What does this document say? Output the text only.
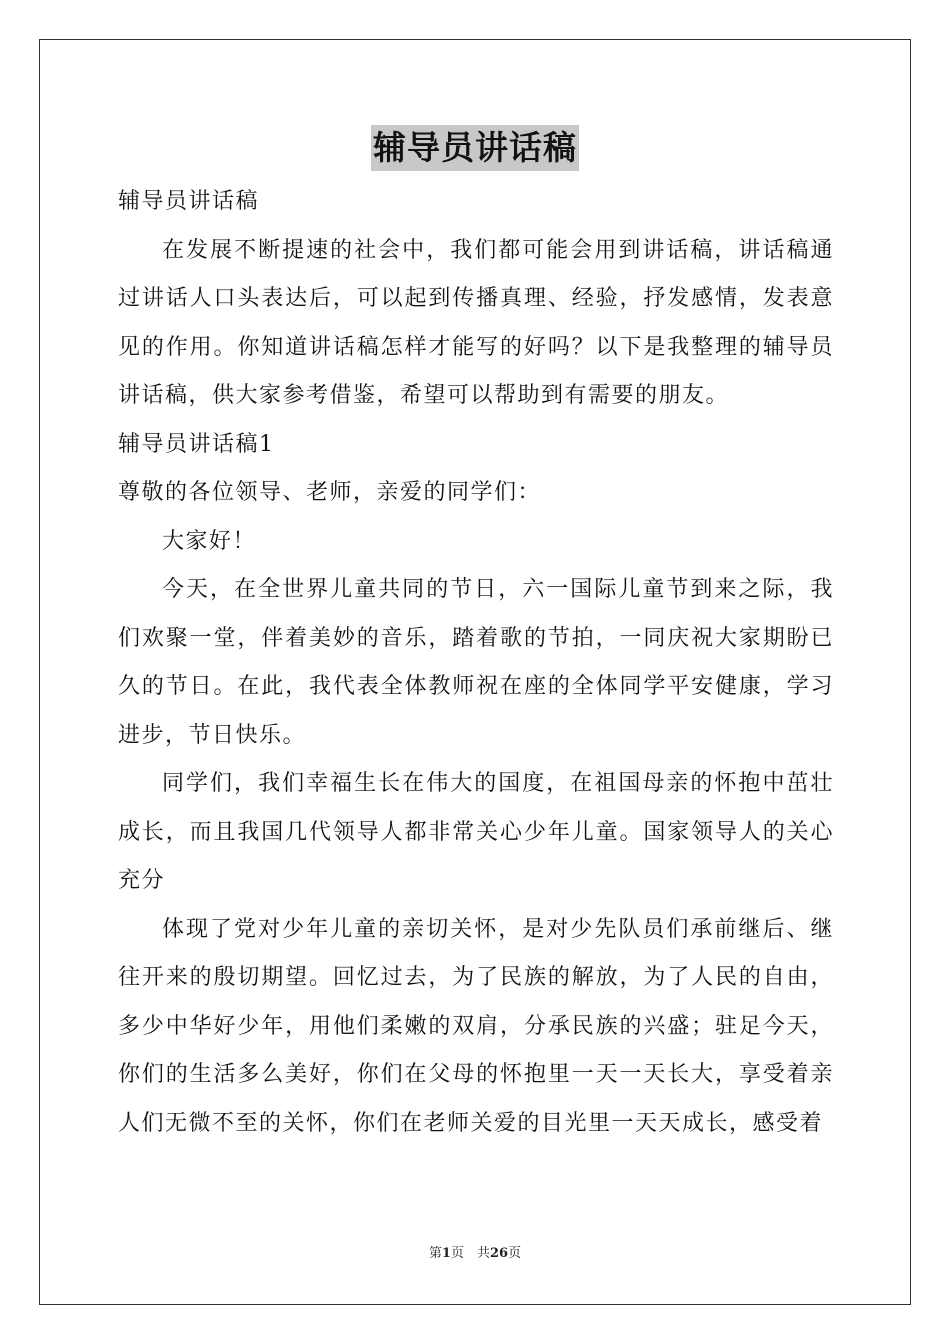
辅导员讲话稿

辅导员讲话稿

在发展不断提速的社会中，我们都可能会用到讲话稿，讲话稿通过讲话人口头表达后，可以起到传播真理、经验，抒发感情，发表意见的作用。你知道讲话稿怎样才能写的好吗？以下是我整理的辅导员讲话稿，供大家参考借鉴，希望可以帮助到有需要的朋友。

辅导员讲话稿1

尊敬的各位领导、老师，亲爱的同学们：

大家好！

今天，在全世界儿童共同的节日，六一国际儿童节到来之际，我们欢聚一堂，伴着美妙的音乐，踏着歌的节拍，一同庆祝大家期盼已久的节日。在此，我代表全体教师祝在座的全体同学平安健康，学习进步，节日快乐。

同学们，我们幸福生长在伟大的国度，在祖国母亲的怀抱中茁壮成长，而且我国几代领导人都非常关心少年儿童。国家领导人的关心充分

体现了党对少年儿童的亲切关怀，是对少先队员们承前继后、继往开来的殷切期望。回忆过去，为了民族的解放，为了人民的自由，多少中华好少年，用他们柔嫩的双肩，分承民族的兴盛；驻足今天，你们的生活多么美好，你们在父母的怀抱里一天一天长大，享受着亲人们无微不至的关怀，你们在老师关爱的目光里一天天成长，感受着

第1页　共26页
